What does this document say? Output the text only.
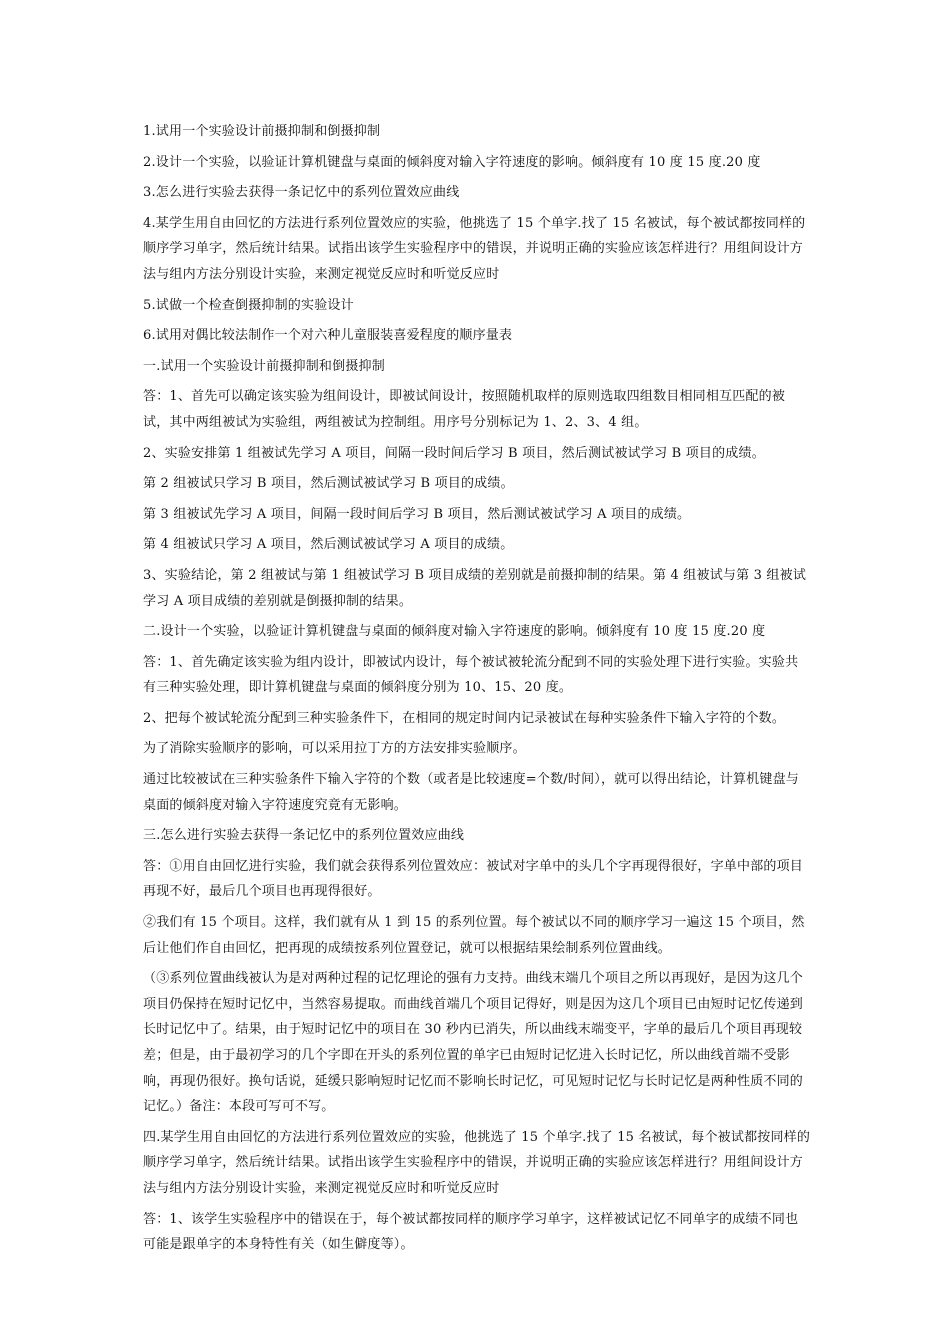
1.试用一个实验设计前摄抑制和倒摄抑制

2.设计一个实验，以验证计算机键盘与桌面的倾斜度对输入字符速度的影响。倾斜度有 10 度 15 度.20 度

3.怎么进行实验去获得一条记忆中的系列位置效应曲线

4.某学生用自由回忆的方法进行系列位置效应的实验，他挑选了 15 个单字.找了 15 名被试，每个被试都按同样的顺序学习单字，然后统计结果。试指出该学生实验程序中的错误，并说明正确的实验应该怎样进行？用组间设计方法与组内方法分别设计实验，来测定视觉反应时和听觉反应时

5.试做一个检查倒摄抑制的实验设计

6.试用对偶比较法制作一个对六种儿童服装喜爱程度的顺序量表

一.试用一个实验设计前摄抑制和倒摄抑制

答：1、首先可以确定该实验为组间设计，即被试间设计，按照随机取样的原则选取四组数目相同相互匹配的被试，其中两组被试为实验组，两组被试为控制组。用序号分别标记为 1、2、3、4 组。

2、实验安排第 1 组被试先学习 A 项目，间隔一段时间后学习 B 项目，然后测试被试学习 B 项目的成绩。

第 2 组被试只学习 B 项目，然后测试被试学习 B 项目的成绩。

第 3 组被试先学习 A 项目，间隔一段时间后学习 B 项目，然后测试被试学习 A 项目的成绩。

第 4 组被试只学习 A 项目，然后测试被试学习 A 项目的成绩。

3、实验结论，第 2 组被试与第 1 组被试学习 B 项目成绩的差别就是前摄抑制的结果。第 4 组被试与第 3 组被试学习 A 项目成绩的差别就是倒摄抑制的结果。

二.设计一个实验，以验证计算机键盘与桌面的倾斜度对输入字符速度的影响。倾斜度有 10 度 15 度.20 度

答：1、首先确定该实验为组内设计，即被试内设计，每个被试被轮流分配到不同的实验处理下进行实验。实验共有三种实验处理，即计算机键盘与桌面的倾斜度分别为 10、15、20 度。

2、把每个被试轮流分配到三种实验条件下，在相同的规定时间内记录被试在每种实验条件下输入字符的个数。

为了消除实验顺序的影响，可以采用拉丁方的方法安排实验顺序。

通过比较被试在三种实验条件下输入字符的个数（或者是比较速度=个数/时间），就可以得出结论，计算机键盘与桌面的倾斜度对输入字符速度究竟有无影响。

三.怎么进行实验去获得一条记忆中的系列位置效应曲线

答：①用自由回忆进行实验，我们就会获得系列位置效应：被试对字单中的头几个字再现得很好，字单中部的项目再现不好，最后几个项目也再现得很好。

②我们有 15 个项目。这样，我们就有从 1 到 15 的系列位置。每个被试以不同的顺序学习一遍这 15 个项目，然后让他们作自由回忆，把再现的成绩按系列位置登记，就可以根据结果绘制系列位置曲线。

（③系列位置曲线被认为是对两种过程的记忆理论的强有力支持。曲线末端几个项目之所以再现好，是因为这几个项目仍保持在短时记忆中，当然容易提取。而曲线首端几个项目记得好，则是因为这几个项目已由短时记忆传递到长时记忆中了。结果，由于短时记忆中的项目在 30 秒内已消失，所以曲线末端变平，字单的最后几个项目再现较差；但是，由于最初学习的几个字即在开头的系列位置的单字已由短时记忆进入长时记忆，所以曲线首端不受影响，再现仍很好。换句话说，延缓只影响短时记忆而不影响长时记忆，可见短时记忆与长时记忆是两种性质不同的记忆。）备注：本段可写可不写。

四.某学生用自由回忆的方法进行系列位置效应的实验，他挑选了 15 个单字.找了 15 名被试，每个被试都按同样的顺序学习单字，然后统计结果。试指出该学生实验程序中的错误，并说明正确的实验应该怎样进行？用组间设计方法与组内方法分别设计实验，来测定视觉反应时和听觉反应时

答：1、该学生实验程序中的错误在于，每个被试都按同样的顺序学习单字，这样被试记忆不同单字的成绩不同也可能是跟单字的本身特性有关（如生僻度等）。
